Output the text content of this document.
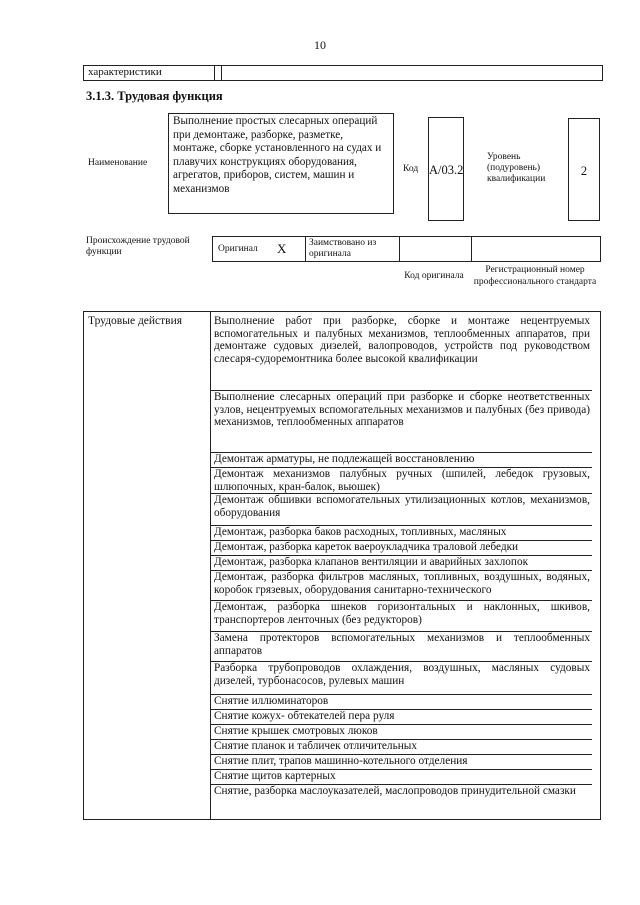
10
характеристики
3.1.3. Трудовая функция
Наименование
Выполнение простых слесарных операций при демонтаже, разборке, разметке, монтаже, сборке установленного на судах и плавучих конструкциях оборудования, агрегатов, приборов, систем, машин и механизмов
Код А/03.2
Уровень (подуровень) квалификации
2
Происхождение трудовой функции	Оригинал X Заимствовано из оригинала
Код оригинала
Регистрационный номер профессионального стандарта
Трудовые действия	Выполнение работ при разборке, сборке и монтаже нецентруемых вспомогательных и палубных механизмов, теплообменных аппаратов, при демонтаже судовых дизелей, валопроводов, устройств под руководством слесаря-судоремонтника более высокой квалификации
Выполнение слесарных операций при разборке и сборке неответственных узлов, нецентруемых вспомогательных механизмов и палубных (без привода) механизмов, теплообменных аппаратов
Демонтаж арматуры, не подлежащей восстановлению
Демонтаж механизмов палубных ручных (шпилей, лебедок грузовых, шлюпочных, кран-балок, вьюшек)
Демонтаж обшивки вспомогательных утилизационных котлов, механизмов, оборудования
Демонтаж, разборка баков расходных, топливных, масляных
Демонтаж, разборка кареток ваероукладчика траловой лебедки
Демонтаж, разборка клапанов вентиляции и аварийных захлопок
Демонтаж, разборка фильтров масляных, топливных, воздушных, водяных, коробок грязевых, оборудования санитарно-технического
Демонтаж, разборка шнеков горизонтальных и наклонных, шкивов, транспортеров ленточных (без редукторов)
Замена протекторов вспомогательных механизмов и теплообменных аппаратов
Разборка трубопроводов охлаждения, воздушных, масляных судовых дизелей, турбонасосов, рулевых машин
Снятие иллюминаторов
Снятие кожух- обтекателей пера руля
Снятие крышек смотровых люков
Снятие планок и табличек отличительных
Снятие плит, трапов машинно-котельного отделения
Снятие щитов картерных
Снятие, разборка маслоуказателей, маслопроводов принудительной смазки
